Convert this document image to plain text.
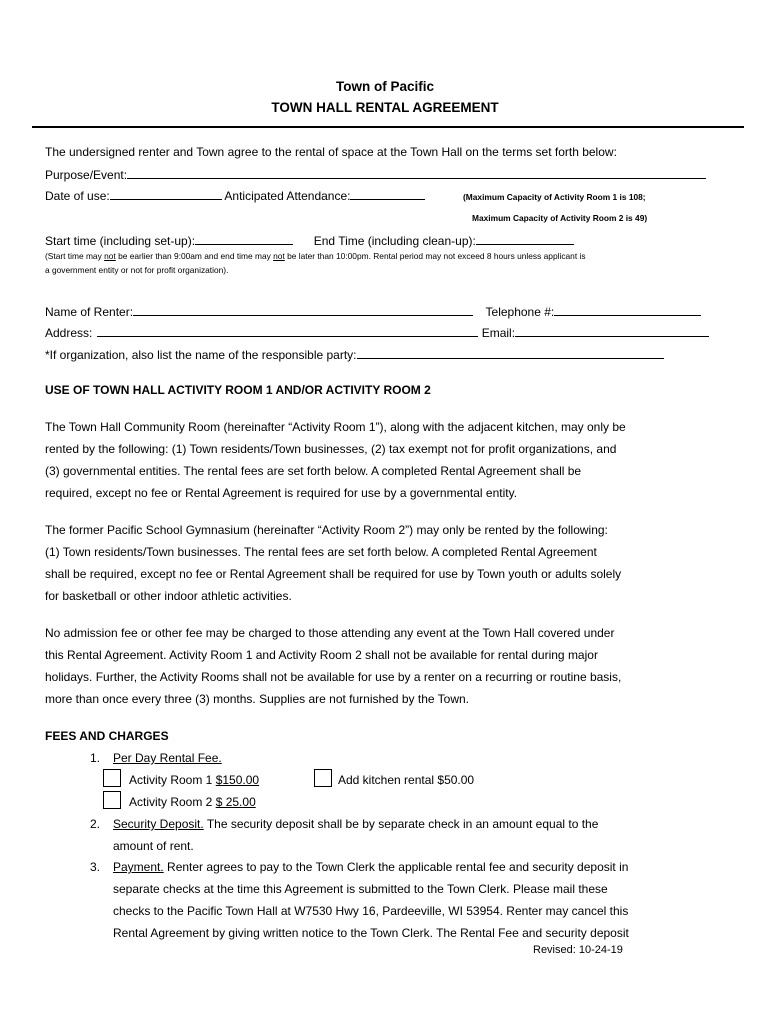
Town of Pacific
TOWN HALL RENTAL AGREEMENT
The undersigned renter and Town agree to the rental of space at the Town Hall on the terms set forth below:
Purpose/Event:
Date of use:	Anticipated Attendance:	(Maximum Capacity of Activity Room 1 is 108;
Maximum Capacity of Activity Room 2 is 49)
Start time (including set-up):	End Time (including clean-up):
(Start time may not be earlier than 9:00am and end time may not be later than 10:00pm. Rental period may not exceed 8 hours unless applicant is
a government entity or not for profit organization).
Name of Renter:	Telephone #:
Address:	Email:
*If organization, also list the name of the responsible party:
USE OF TOWN HALL ACTIVITY ROOM 1 AND/OR ACTIVITY ROOM 2
The Town Hall Community Room (hereinafter “Activity Room 1”), along with the adjacent kitchen, may only be
rented by the following: (1) Town residents/Town businesses, (2) tax exempt not for profit organizations, and
(3) governmental entities. The rental fees are set forth below. A completed Rental Agreement shall be
required, except no fee or Rental Agreement is required for use by a governmental entity.
The former Pacific School Gymnasium (hereinafter “Activity Room 2”) may only be rented by the following:
(1) Town residents/Town businesses. The rental fees are set forth below. A completed Rental Agreement
shall be required, except no fee or Rental Agreement shall be required for use by Town youth or adults solely
for basketball or other indoor athletic activities.
No admission fee or other fee may be charged to those attending any event at the Town Hall covered under
this Rental Agreement. Activity Room 1 and Activity Room 2 shall not be available for rental during major
holidays. Further, the Activity Rooms shall not be available for use by a renter on a recurring or routine basis,
more than once every three (3) months. Supplies are not furnished by the Town.
FEES AND CHARGES
1. Per Day Rental Fee.
Activity Room 1 $150.00	Add kitchen rental $50.00
Activity Room 2 $ 25.00
2. Security Deposit. The security deposit shall be by separate check in an amount equal to the
amount of rent.
3. Payment. Renter agrees to pay to the Town Clerk the applicable rental fee and security deposit in
separate checks at the time this Agreement is submitted to the Town Clerk. Please mail these
checks to the Pacific Town Hall at W7530 Hwy 16, Pardeeville, WI 53954. Renter may cancel this
Rental Agreement by giving written notice to the Town Clerk. The Rental Fee and security deposit
Revised: 10-24-19
